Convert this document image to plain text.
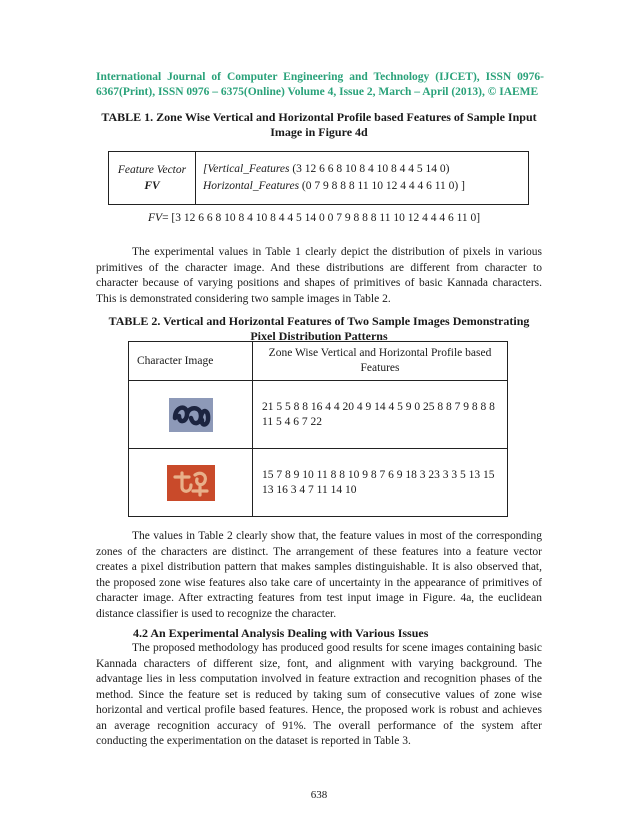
International Journal of Computer Engineering and Technology (IJCET), ISSN 0976-6367(Print), ISSN 0976 – 6375(Online) Volume 4, Issue 2, March – April (2013), © IAEME
TABLE 1. Zone Wise Vertical and Horizontal Profile based Features of Sample Input
Image in Figure 4d
Feature Vector
FV

[Vertical_Features (3 12 6 6 8 10 8 4 10 8 4 4 5 14 0)
Horizontal_Features (0 7 9 8 8 8 11 10 12 4 4 4 6 11 0) ]
FV= [3 12 6 6 8 10 8 4 10 8 4 4 5 14 0 0 7 9 8 8 8 11 10 12 4 4 4 6 11 0]

The experimental values in Table 1 clearly depict the distribution of pixels in various primitives of the character image. And these distributions are different from character to character because of varying positions and shapes of primitives of basic Kannada characters. This is demonstrated considering two sample images in Table 2.

TABLE 2. Vertical and Horizontal Features of Two Sample Images Demonstrating
Pixel Distribution Patterns
Character Image	Zone Wise Vertical and Horizontal Profile based Features
	21 5 5 8 8 16 4 4 20 4 9 14 4 5 9 0 25 8 8 7 9 8 8 8 11 5 4 6 7 22
	15 7 8 9 10 11 8 8 10 9 8 7 6 9 18 3 23 3 3 5 13 15 13 16 3 4 7 11 14 10

The values in Table 2 clearly show that, the feature values in most of the corresponding zones of the characters are distinct. The arrangement of these features into a feature vector creates a pixel distribution pattern that makes samples distinguishable. It is also observed that, the proposed zone wise features also take care of uncertainty in the appearance of primitives of character image. After extracting features from test input image in Figure. 4a, the euclidean distance classifier is used to recognize the character.

4.2 An Experimental Analysis Dealing with Various Issues

The proposed methodology has produced good results for scene images containing basic Kannada characters of different size, font, and alignment with varying background. The advantage lies in less computation involved in feature extraction and recognition phases of the method. Since the feature set is reduced by taking sum of consecutive values of zone wise horizontal and vertical profile based features. Hence, the proposed work is robust and achieves an average recognition accuracy of 91%. The overall performance of the system after conducting the experimentation on the dataset is reported in Table 3.

638
